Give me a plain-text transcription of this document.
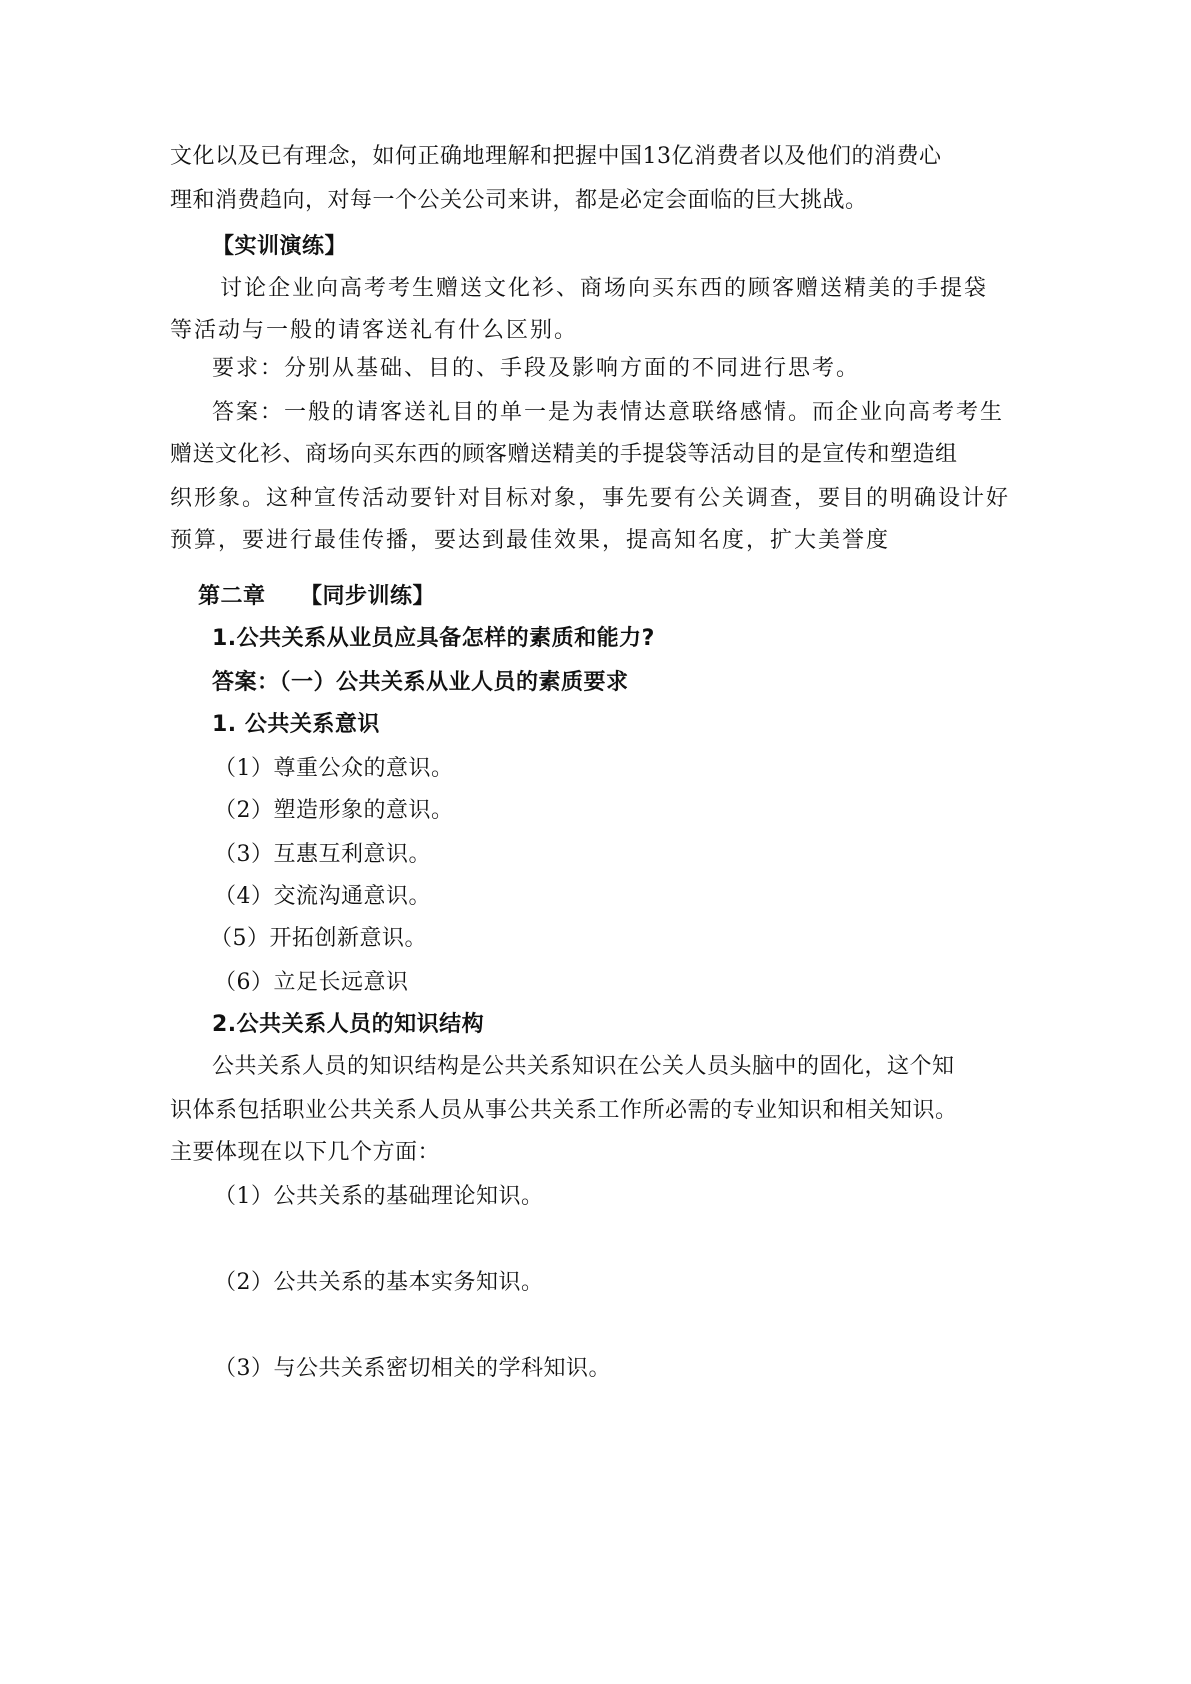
文化以及已有理念，如何正确地理解和把握中国13亿消费者以及他们的消费心
理和消费趋向，对每一个公关公司来讲，都是必定会面临的巨大挑战。
【实训演练】
讨论企业向高考考生赠送文化衫、商场向买东西的顾客赠送精美的手提袋
等活动与一般的请客送礼有什么区别。
要求：分别从基础、目的、手段及影响方面的不同进行思考。
答案：一般的请客送礼目的单一是为表情达意联络感情。而企业向高考考生
赠送文化衫、商场向买东西的顾客赠送精美的手提袋等活动目的是宣传和塑造组
织形象。这种宣传活动要针对目标对象，事先要有公关调查，要目的明确设计好
预算，要进行最佳传播，要达到最佳效果，提高知名度，扩大美誉度
第二章 【同步训练】
1.公共关系从业员应具备怎样的素质和能力?
答案：（一）公共关系从业人员的素质要求
1. 公共关系意识
（1）尊重公众的意识。
（2）塑造形象的意识。
（3）互惠互利意识。
（4）交流沟通意识。
（5）开拓创新意识。
（6）立足长远意识
2.公共关系人员的知识结构
公共关系人员的知识结构是公共关系知识在公关人员头脑中的固化，这个知
识体系包括职业公共关系人员从事公共关系工作所必需的专业知识和相关知识。
主要体现在以下几个方面：
（1）公共关系的基础理论知识。
（2）公共关系的基本实务知识。
（3）与公共关系密切相关的学科知识。
